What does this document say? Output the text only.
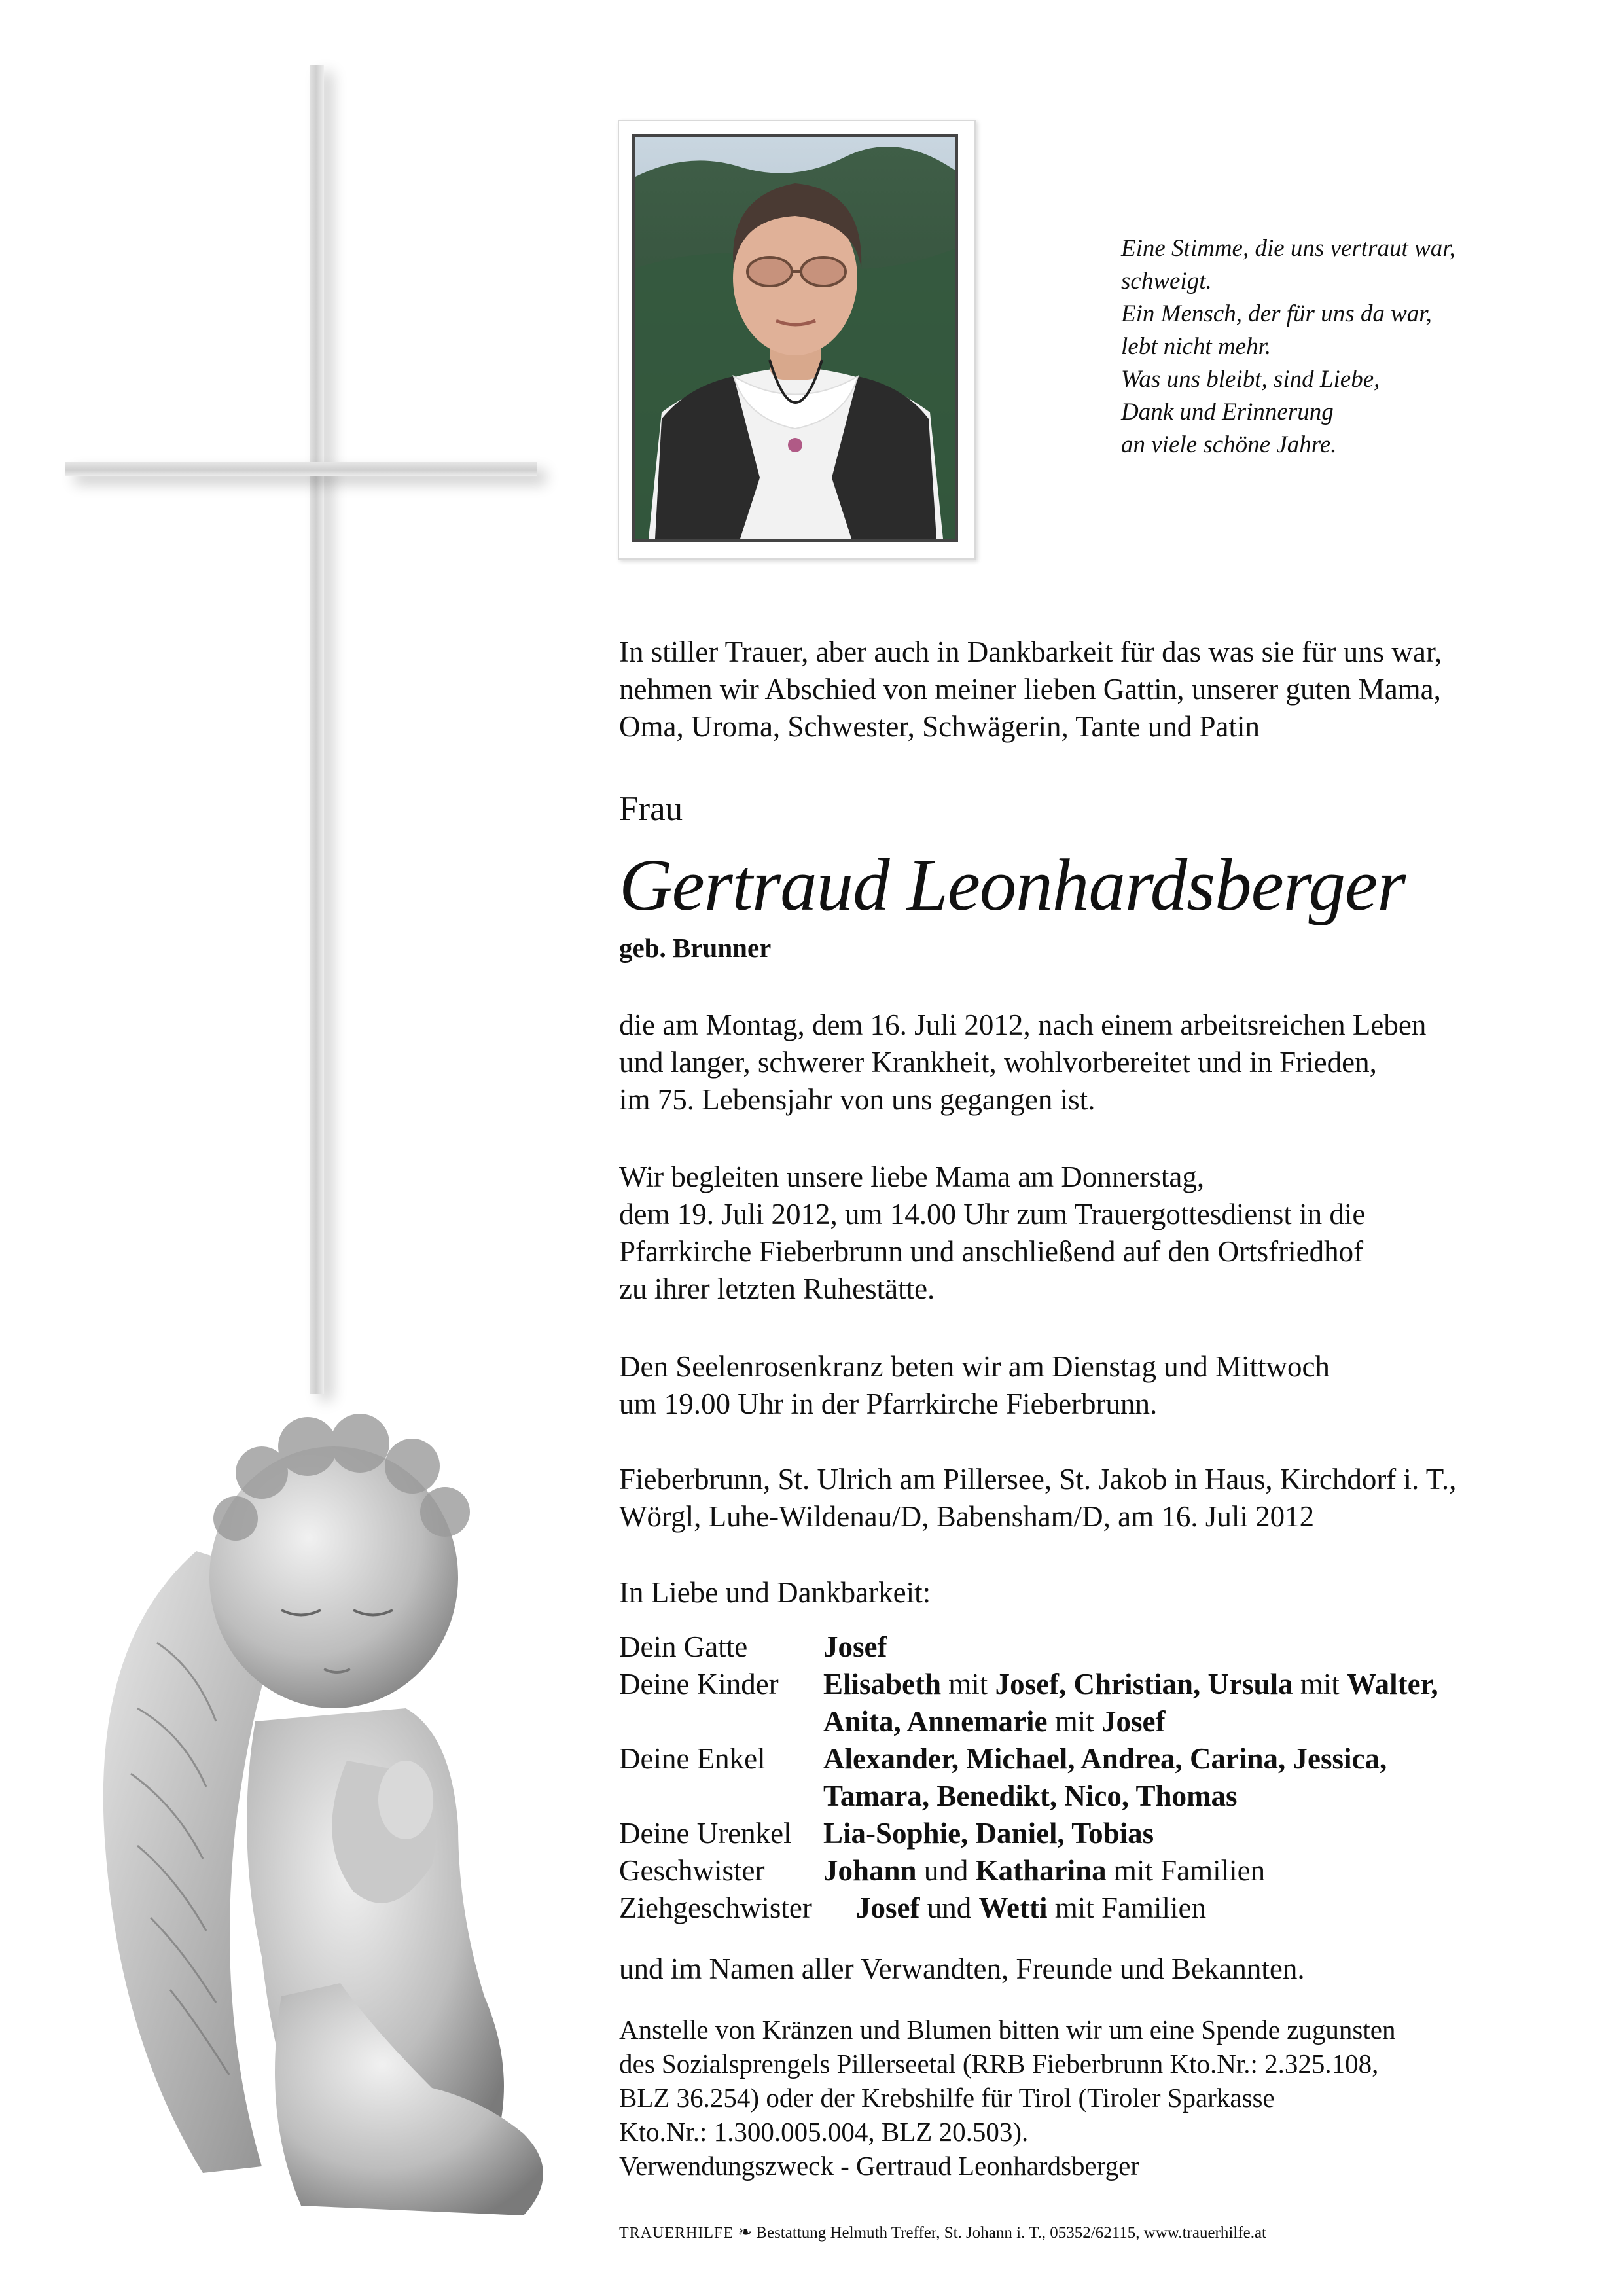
Eine Stimme, die uns vertraut war,
schweigt.
Ein Mensch, der für uns da war,
lebt nicht mehr.
Was uns bleibt, sind Liebe,
Dank und Erinnerung
an viele schöne Jahre.
In stiller Trauer, aber auch in Dankbarkeit für das was sie für uns war,
nehmen wir Abschied von meiner lieben Gattin, unserer guten Mama,
Oma, Uroma, Schwester, Schwägerin, Tante und Patin
Frau
Gertraud Leonhardsberger
geb. Brunner
die am Montag, dem 16. Juli 2012, nach einem arbeitsreichen Leben
und langer, schwerer Krankheit, wohlvorbereitet und in Frieden,
im 75. Lebensjahr von uns gegangen ist.
Wir begleiten unsere liebe Mama am Donnerstag,
dem 19. Juli 2012, um 14.00 Uhr zum Trauergottesdienst in die
Pfarrkirche Fieberbrunn und anschließend auf den Ortsfriedhof
zu ihrer letzten Ruhestätte.
Den Seelenrosenkranz beten wir am Dienstag und Mittwoch
um 19.00 Uhr in der Pfarrkirche Fieberbrunn.
Fieberbrunn, St. Ulrich am Pillersee, St. Jakob in Haus, Kirchdorf i. T.,
Wörgl, Luhe-Wildenau/D, Babensham/D, am 16. Juli 2012
In Liebe und Dankbarkeit:
Dein Gatte	Josef
Deine Kinder Elisabeth mit Josef, Christian, Ursula mit Walter,
Anita, Annemarie mit Josef
Deine Enkel Alexander, Michael, Andrea, Carina, Jessica,
Tamara, Benedikt, Nico, Thomas
Deine Urenkel Lia-Sophie, Daniel, Tobias
Geschwister Johann und Katharina mit Familien
Ziehgeschwister Josef und Wetti mit Familien
und im Namen aller Verwandten, Freunde und Bekannten.
Anstelle von Kränzen und Blumen bitten wir um eine Spende zugunsten
des Sozialsprengels Pillerseetal (RRB Fieberbrunn Kto.Nr.: 2.325.108,
BLZ 36.254) oder der Krebshilfe für Tirol (Tiroler Sparkasse
Kto.Nr.: 1.300.005.004, BLZ 20.503).
Verwendungszweck - Gertraud Leonhardsberger
TRAUERHILFE ❧ Bestattung Helmuth Treffer, St. Johann i. T., 05352/62115, www.trauerhilfe.at
